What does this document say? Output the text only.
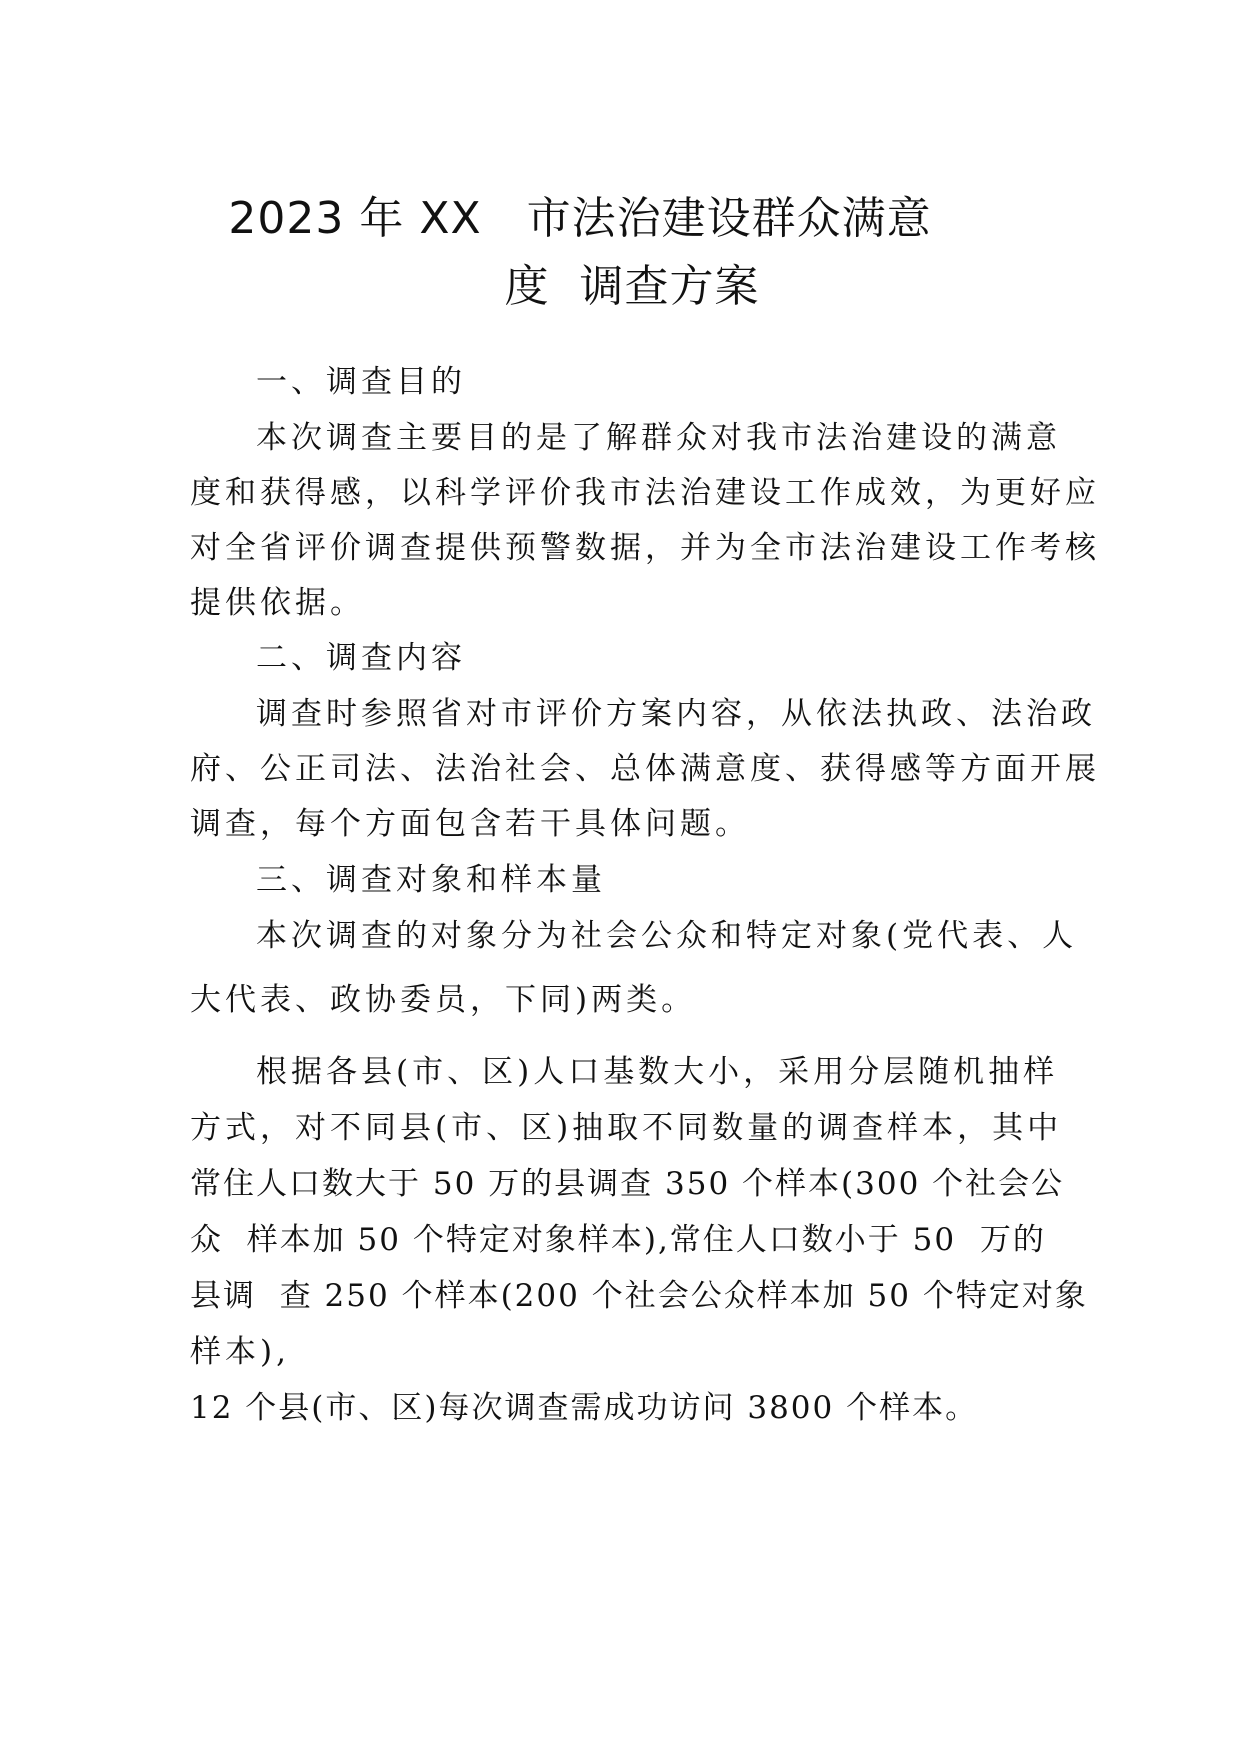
2023 年 XX   市法治建设群众满意
度  调查方案
一、调查目的
本次调查主要目的是了解群众对我市法治建设的满意
度和获得感，以科学评价我市法治建设工作成效，为更好应
对全省评价调查提供预警数据，并为全市法治建设工作考核
提供依据。
二、调查内容
调查时参照省对市评价方案内容，从依法执政、法治政
府、公正司法、法治社会、总体满意度、获得感等方面开展
调查，每个方面包含若干具体问题。
三、调查对象和样本量
本次调查的对象分为社会公众和特定对象(党代表、人
大代表、政协委员，下同)两类。
根据各县(市、区)人口基数大小，采用分层随机抽样
方式，对不同县(市、区)抽取不同数量的调查样本，其中
常住人口数大于 50 万的县调查 350 个样本(300 个社会公
众  样本加 50 个特定对象样本),常住人口数小于 50  万的
县调  查 250 个样本(200 个社会公众样本加 50 个特定对象
样本),
12 个县(市、区)每次调查需成功访问 3800 个样本。
